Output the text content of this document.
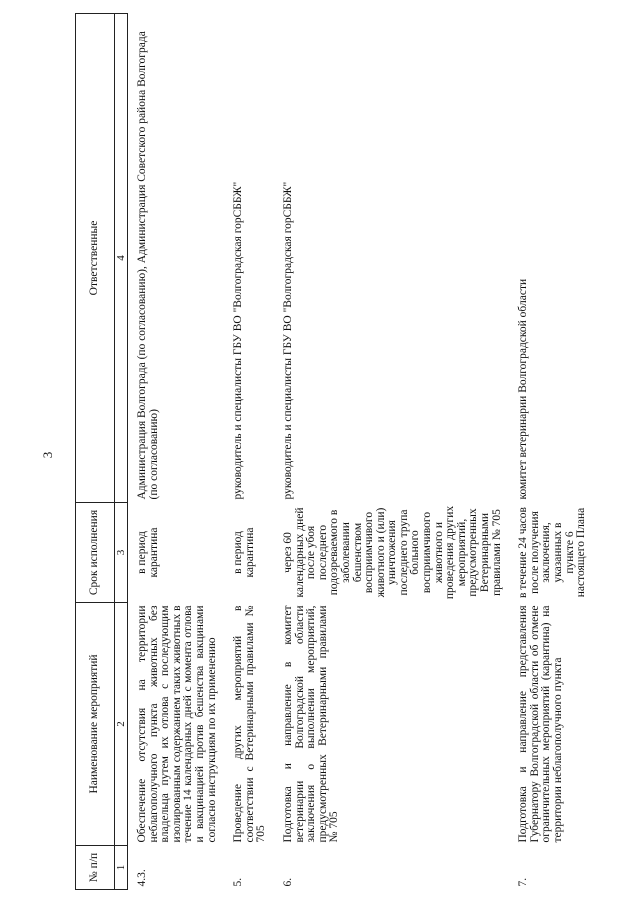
3
№ п/п	Наименование мероприятий	Срок исполнения	Ответственные
1	2	3	4
4.3.	Обеспечение отсутствия на территории неблагополучного пункта животных без владельца путем их отлова с последующим изолированным содержанием таких животных в течение 14 календарных дней с момента отлова и вакцинацией против бешенства вакцинами согласно инструкциям по их применению	в период карантина	Администрация Волгограда (по согласованию), Администрация Советского района Волгограда (по согласованию)
5.	Проведение других мероприятий в соответствии с Ветеринарными правилами № 705	в период карантина	руководитель и специалисты ГБУ ВО "Волгоградская горСББЖ"
6.	Подготовка и направление в комитет ветеринарии Волгоградской области заключения о выполнении мероприятий, предусмотренных Ветеринарными правилами № 705	через 60 календарных дней после убоя последнего подозреваемого в заболевании бешенством восприимчивого животного и (или) уничтожения последнего трупа больного восприимчивого животного и проведения других мероприятий, предусмотренных Ветеринарными правилами № 705	руководитель и специалисты ГБУ ВО "Волгоградская горСББЖ"
7.	Подготовка и направление представления Губернатору Волгоградской области об отмене ограничительных мероприятий (карантина) на территории неблагополучного пункта	в течение 24 часов после получения заключения, указанных в пункте 6 настоящего Плана	комитет ветеринарии Волгоградской области
